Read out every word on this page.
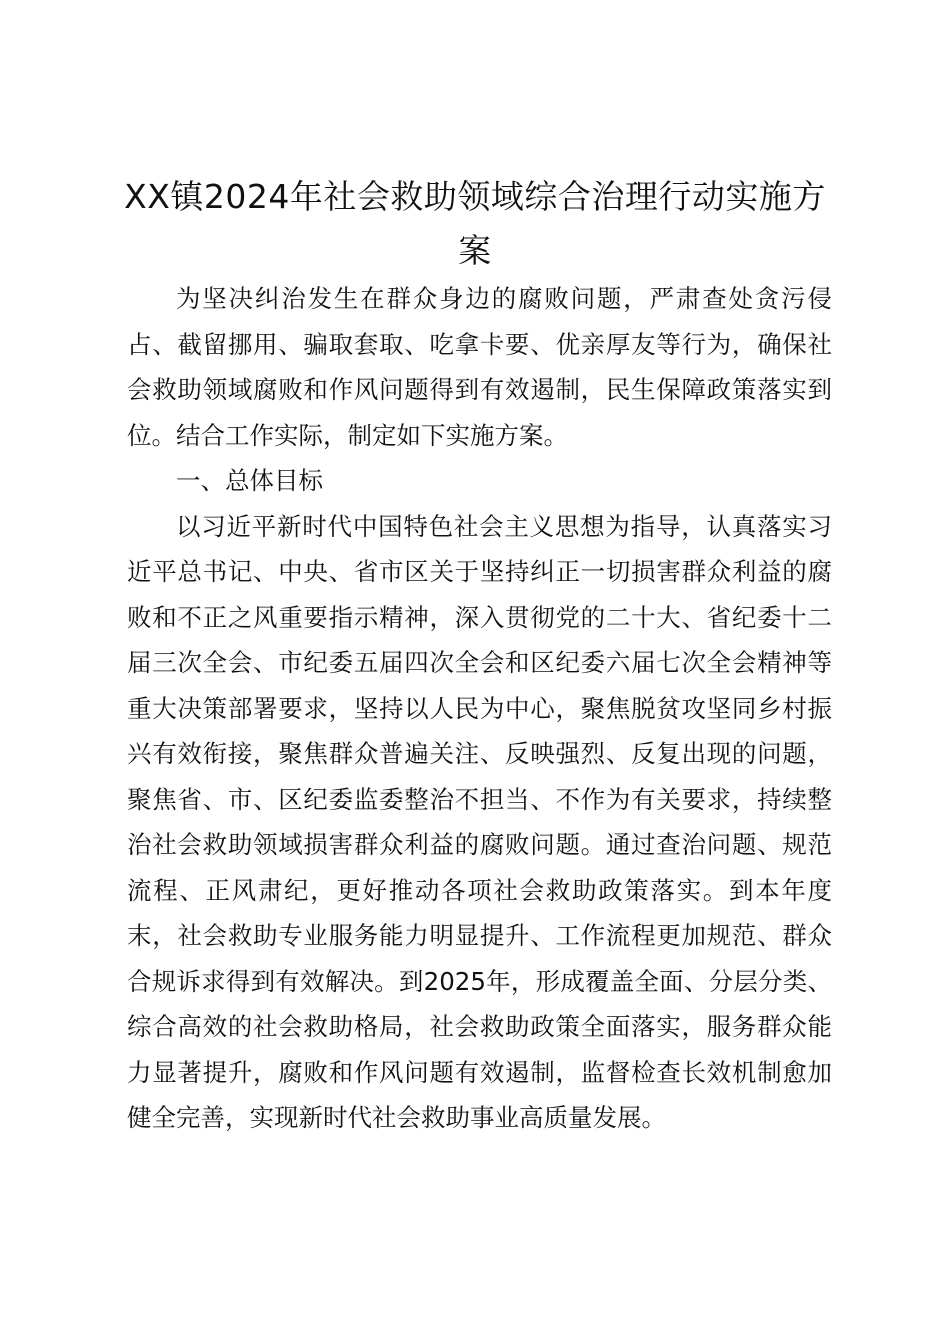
XX镇2024年社会救助领域综合治理行动实施方案

为坚决纠治发生在群众身边的腐败问题，严肃查处贪污侵占、截留挪用、骗取套取、吃拿卡要、优亲厚友等行为，确保社会救助领域腐败和作风问题得到有效遏制，民生保障政策落实到位。结合工作实际，制定如下实施方案。

一、总体目标

以习近平新时代中国特色社会主义思想为指导，认真落实习近平总书记、中央、省市区关于坚持纠正一切损害群众利益的腐败和不正之风重要指示精神，深入贯彻党的二十大、省纪委十二届三次全会、市纪委五届四次全会和区纪委六届七次全会精神等重大决策部署要求，坚持以人民为中心，聚焦脱贫攻坚同乡村振兴有效衔接，聚焦群众普遍关注、反映强烈、反复出现的问题，聚焦省、市、区纪委监委整治不担当、不作为有关要求，持续整治社会救助领域损害群众利益的腐败问题。通过查治问题、规范流程、正风肃纪，更好推动各项社会救助政策落实。到本年度末，社会救助专业服务能力明显提升、工作流程更加规范、群众合规诉求得到有效解决。到2025年，形成覆盖全面、分层分类、综合高效的社会救助格局，社会救助政策全面落实，服务群众能力显著提升，腐败和作风问题有效遏制，监督检查长效机制愈加健全完善，实现新时代社会救助事业高质量发展。
